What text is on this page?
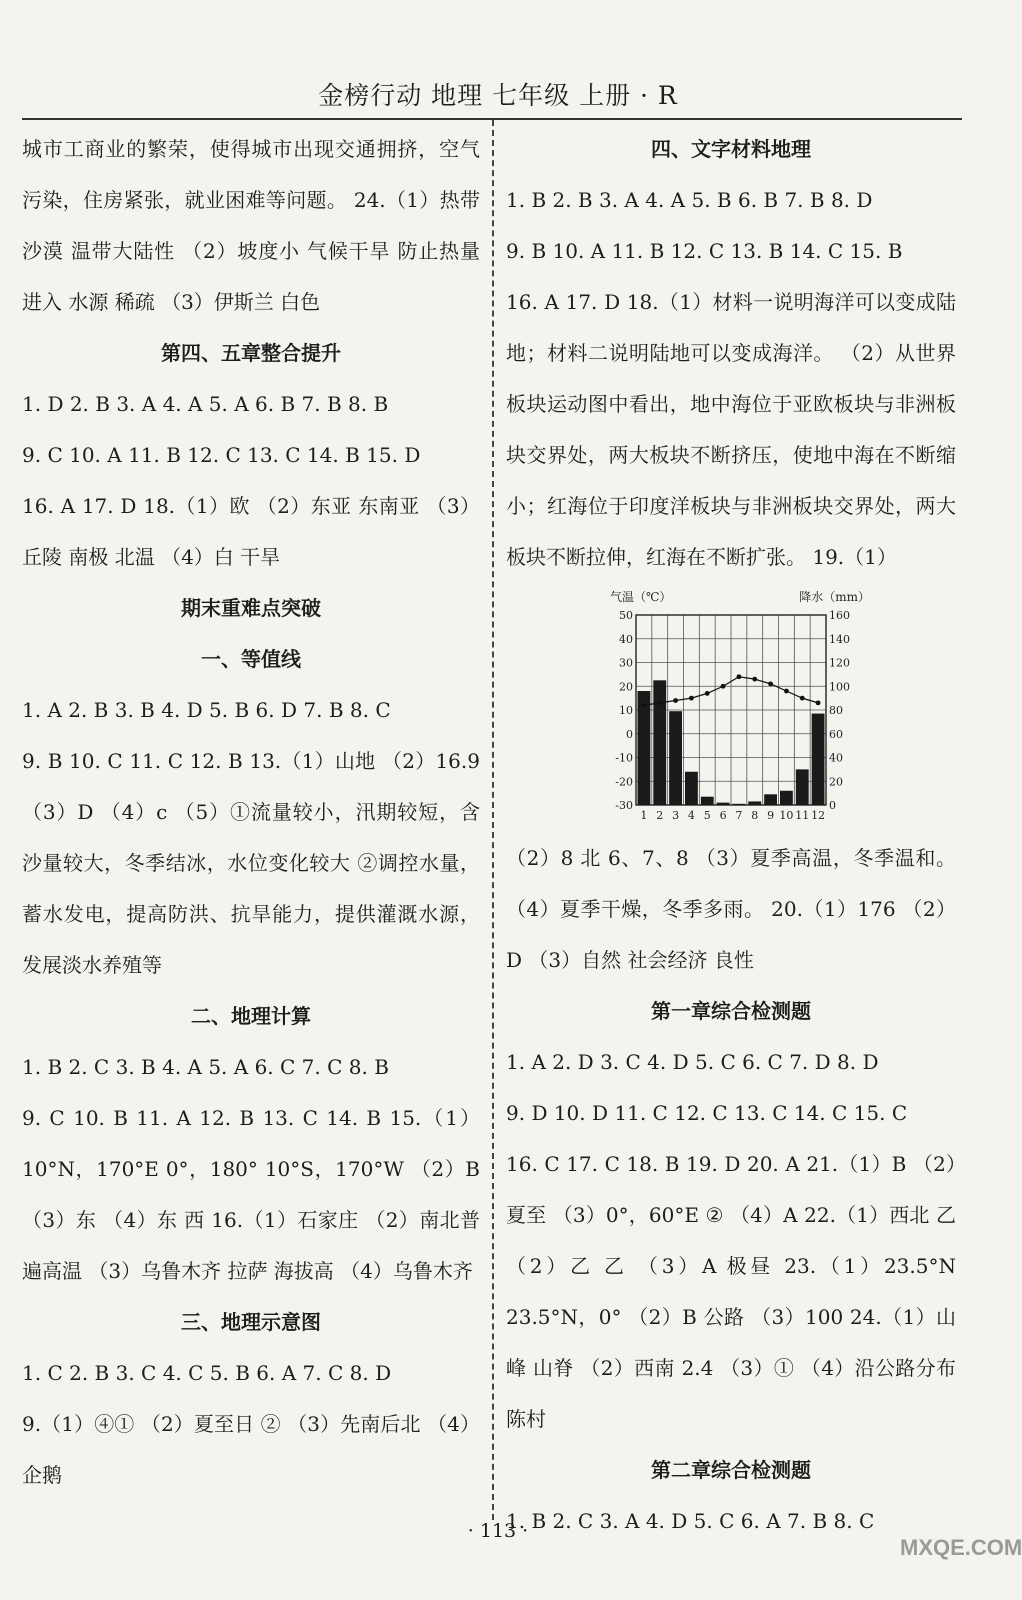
金榜行动 地理 七年级 上册 · R

城市工商业的繁荣，使得城市出现交通拥挤，空气污染，住房紧张，就业困难等问题。 24.（1）热带沙漠 温带大陆性 （2）坡度小 气候干旱 防止热量进入 水源 稀疏 （3）伊斯兰 白色

第四、五章整合提升

1. D 2. B 3. A 4. A 5. A 6. B 7. B 8. B

9. C 10. A 11. B 12. C 13. C 14. B 15. D

16. A 17. D 18.（1）欧 （2）东亚 东南亚 （3）丘陵 南极 北温 （4）白 干旱

期末重难点突破

一、等值线

1. A 2. B 3. B 4. D 5. B 6. D 7. B 8. C

9. B 10. C 11. C 12. B 13.（1）山地 （2）16.9 （3）D （4）c （5）①流量较小，汛期较短，含沙量较大，冬季结冰，水位变化较大 ②调控水量，蓄水发电，提高防洪、抗旱能力，提供灌溉水源，发展淡水养殖等

二、地理计算

1. B 2. C 3. B 4. A 5. A 6. C 7. C 8. B

9. C 10. B 11. A 12. B 13. C 14. B 15.（1）10°N，170°E 0°，180° 10°S，170°W （2）B （3）东 （4）东 西 16.（1）石家庄 （2）南北普遍高温 （3）乌鲁木齐 拉萨 海拔高 （4）乌鲁木齐

三、地理示意图

1. C 2. B 3. C 4. C 5. B 6. A 7. C 8. D

9.（1）④① （2）夏至日 ② （3）先南后北 （4）企鹅

四、文字材料地理

1. B 2. B 3. A 4. A 5. B 6. B 7. B 8. D

9. B 10. A 11. B 12. C 13. B 14. C 15. B

16. A 17. D 18.（1）材料一说明海洋可以变成陆地；材料二说明陆地可以变成海洋。 （2）从世界板块运动图中看出，地中海位于亚欧板块与非洲板块交界处，两大板块不断挤压，使地中海在不断缩小；红海位于印度洋板块与非洲板块交界处，两大板块不断拉伸，红海在不断扩张。 19.（1）

气温（℃）	降水（mm）
50	160
40	140
30	120
20	100
10	80
0	60
-10	40
-20	20
-30	0
1 2 3 4 5 6 7 8 9 10 11 12

（2）8 北 6、7、8 （3）夏季高温，冬季温和。 （4）夏季干燥，冬季多雨。 20.（1）176 （2）D （3）自然 社会经济 良性

第一章综合检测题

1. A 2. D 3. C 4. D 5. C 6. C 7. D 8. D

9. D 10. D 11. C 12. C 13. C 14. C 15. C

16. C 17. C 18. B 19. D 20. A 21.（1）B （2）夏至 （3）0°，60°E ② （4）A 22.（1）西北 乙 （2）乙 乙 （3）A 极昼 23.（1）23.5°N 23.5°N，0° （2）B 公路 （3）100 24.（1）山峰 山脊 （2）西南 2.4 （3）① （4）沿公路分布 陈村

第二章综合检测题

1. B 2. C 3. A 4. D 5. C 6. A 7. B 8. C

· 113 ·
MXQE.COM
